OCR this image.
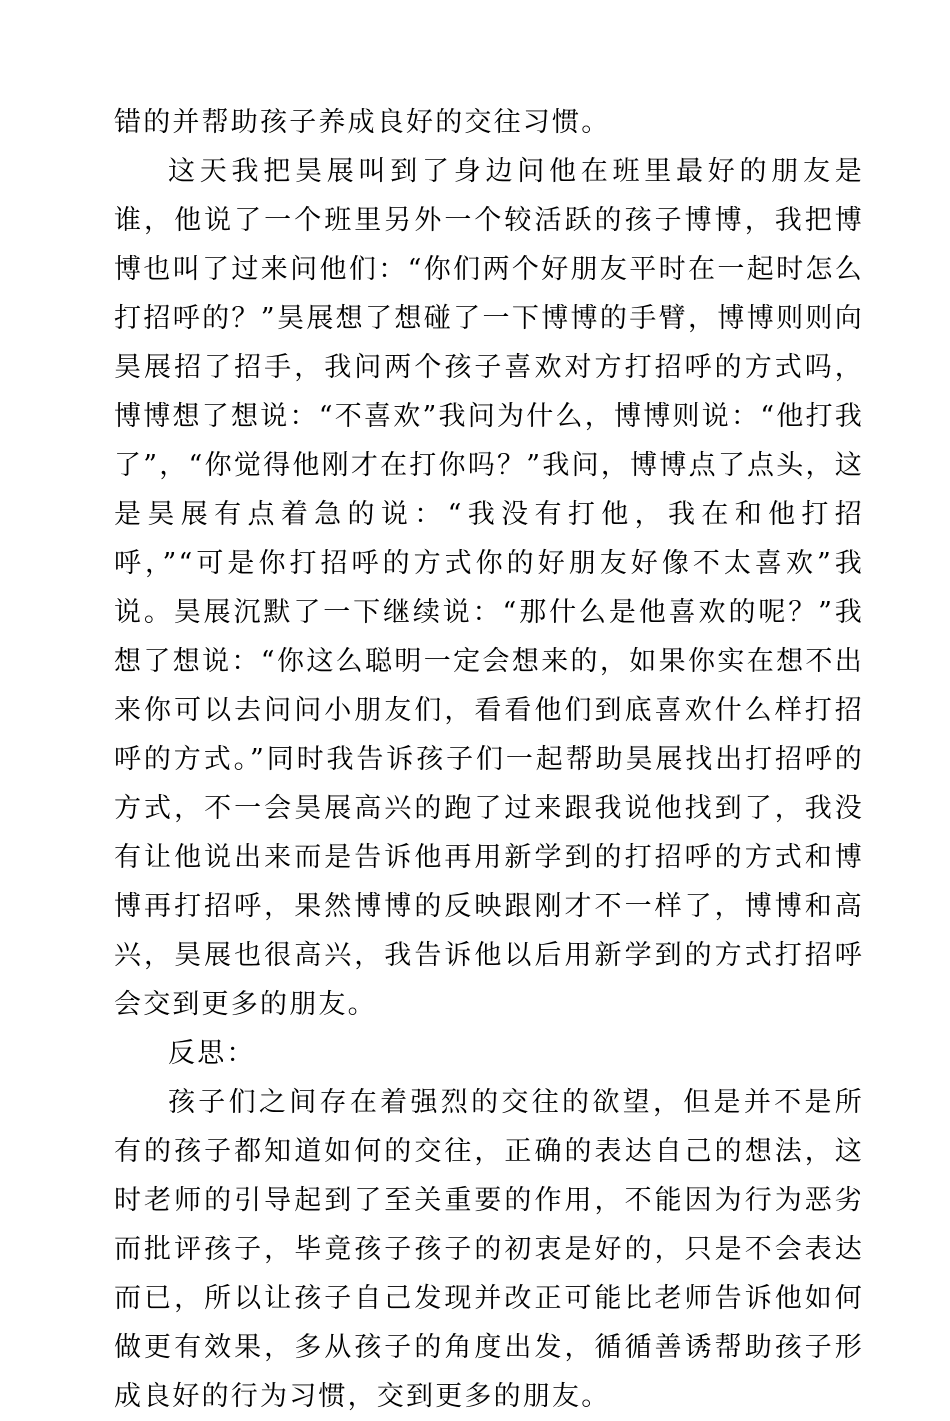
错的并帮助孩子养成良好的交往习惯。

这天我把昊展叫到了身边问他在班里最好的朋友是谁，他说了一个班里另外一个较活跃的孩子博博，我把博博也叫了过来问他们：“你们两个好朋友平时在一起时怎么打招呼的？”昊展想了想碰了一下博博的手臂，博博则则向昊展招了招手，我问两个孩子喜欢对方打招呼的方式吗，博博想了想说：“不喜欢”我问为什么，博博则说：“他打我了”，“你觉得他刚才在打你吗？”我问，博博点了点头，这是昊展有点着急的说：“我没有打他，我在和他打招呼，”“可是你打招呼的方式你的好朋友好像不太喜欢”我说。昊展沉默了一下继续说：“那什么是他喜欢的呢？”我想了想说：“你这么聪明一定会想来的，如果你实在想不出来你可以去问问小朋友们，看看他们到底喜欢什么样打招呼的方式。”同时我告诉孩子们一起帮助昊展找出打招呼的方式，不一会昊展高兴的跑了过来跟我说他找到了，我没有让他说出来而是告诉他再用新学到的打招呼的方式和博博再打招呼，果然博博的反映跟刚才不一样了，博博和高兴，昊展也很高兴，我告诉他以后用新学到的方式打招呼会交到更多的朋友。

反思：

孩子们之间存在着强烈的交往的欲望，但是并不是所有的孩子都知道如何的交往，正确的表达自己的想法，这时老师的引导起到了至关重要的作用，不能因为行为恶劣而批评孩子，毕竟孩子孩子的初衷是好的，只是不会表达而已，所以让孩子自己发现并改正可能比老师告诉他如何做更有效果，多从孩子的角度出发，循循善诱帮助孩子形成良好的行为习惯，交到更多的朋友。
